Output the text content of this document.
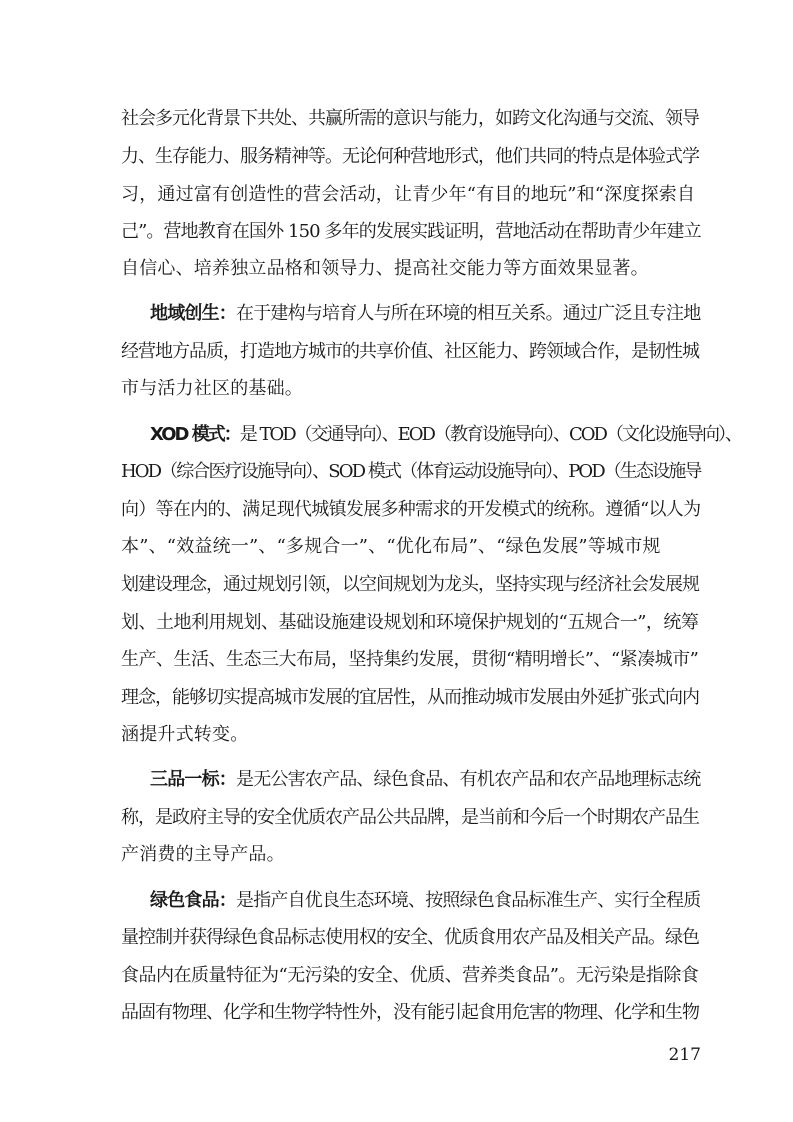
社会多元化背景下共处、共赢所需的意识与能力，如跨文化沟通与交流、领导
力、生存能力、服务精神等。无论何种营地形式，他们共同的特点是体验式学
习，通过富有创造性的营会活动，让青少年“有目的地玩”和“深度探索自
己”。营地教育在国外 150 多年的发展实践证明，营地活动在帮助青少年建立
自信心、培养独立品格和领导力、提高社交能力等方面效果显著。
地域创生：在于建构与培育人与所在环境的相互关系。通过广泛且专注地
经营地方品质，打造地方城市的共享价值、社区能力、跨领域合作，是韧性城
市与活力社区的基础。
XOD 模式：是 TOD（交通导向）、EOD（教育设施导向）、COD（文化设施导向）、
HOD（综合医疗设施导向）、SOD 模式（体育运动设施导向）、POD（生态设施导
向）等在内的、满足现代城镇发展多种需求的开发模式的统称。遵循“以人为
本”、“效益统一”、“多规合一”、“优化布局”、“绿色发展”等城市规
划建设理念，通过规划引领，以空间规划为龙头，坚持实现与经济社会发展规
划、土地利用规划、基础设施建设规划和环境保护规划的“五规合一”，统筹
生产、生活、生态三大布局，坚持集约发展，贯彻“精明增长”、“紧凑城市”
理念，能够切实提高城市发展的宜居性，从而推动城市发展由外延扩张式向内
涵提升式转变。
三品一标：是无公害农产品、绿色食品、有机农产品和农产品地理标志统
称，是政府主导的安全优质农产品公共品牌，是当前和今后一个时期农产品生
产消费的主导产品。
绿色食品：是指产自优良生态环境、按照绿色食品标准生产、实行全程质
量控制并获得绿色食品标志使用权的安全、优质食用农产品及相关产品。绿色
食品内在质量特征为“无污染的安全、优质、营养类食品”。无污染是指除食
品固有物理、化学和生物学特性外，没有能引起食用危害的物理、化学和生物
217
